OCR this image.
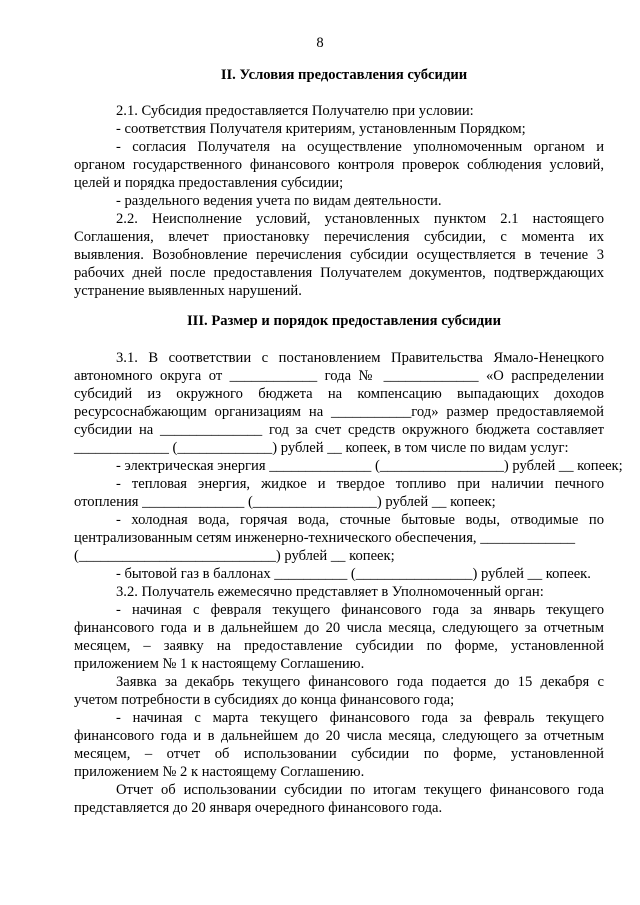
8
II. Условия предоставления субсидии
2.1. Субсидия предоставляется Получателю при условии:
- соответствия Получателя критериям, установленным Порядком;
- согласия Получателя на осуществление уполномоченным органом и
органом государственного финансового контроля проверок соблюдения условий,
целей и порядка предоставления субсидии;
- раздельного ведения учета по видам деятельности.
2.2. Неисполнение условий, установленных пунктом 2.1 настоящего
Соглашения, влечет приостановку перечисления субсидии, с момента их
выявления. Возобновление перечисления субсидии осуществляется в течение 3
рабочих дней после предоставления Получателем документов, подтверждающих
устранение выявленных нарушений.
III. Размер и порядок предоставления субсидии
3.1. В соответствии с постановлением Правительства Ямало-Ненецкого
автономного округа от ____________ года № _____________ «О распределении
субсидий из окружного бюджета на компенсацию выпадающих доходов
ресурсоснабжающим организациям на ___________год» размер предоставляемой
субсидии на ______________ год за счет средств окружного бюджета составляет
_____________ (_____________) рублей __ копеек, в том числе по видам услуг:
- электрическая энергия ______________ (_________________) рублей __ копеек;
- тепловая энергия, жидкое и твердое топливо при наличии печного
отопления ______________ (_________________) рублей __ копеек;
- холодная вода, горячая вода, сточные бытовые воды, отводимые по
централизованным сетям инженерно-технического обеспечения, _____________
(___________________________) рублей __ копеек;
- бытовой газ в баллонах __________ (________________) рублей __ копеек.
3.2. Получатель ежемесячно представляет в Уполномоченный орган:
- начиная с февраля текущего финансового года за январь текущего
финансового года и в дальнейшем до 20 числа месяца, следующего за отчетным
месяцем, – заявку на предоставление субсидии по форме, установленной
приложением № 1 к настоящему Соглашению.
Заявка за декабрь текущего финансового года подается до 15 декабря с
учетом потребности в субсидиях до конца финансового года;
- начиная с марта текущего финансового года за февраль текущего
финансового года и в дальнейшем до 20 числа месяца, следующего за отчетным
месяцем, – отчет об использовании субсидии по форме, установленной
приложением № 2 к настоящему Соглашению.
Отчет об использовании субсидии по итогам текущего финансового года
представляется до 20 января очередного финансового года.
